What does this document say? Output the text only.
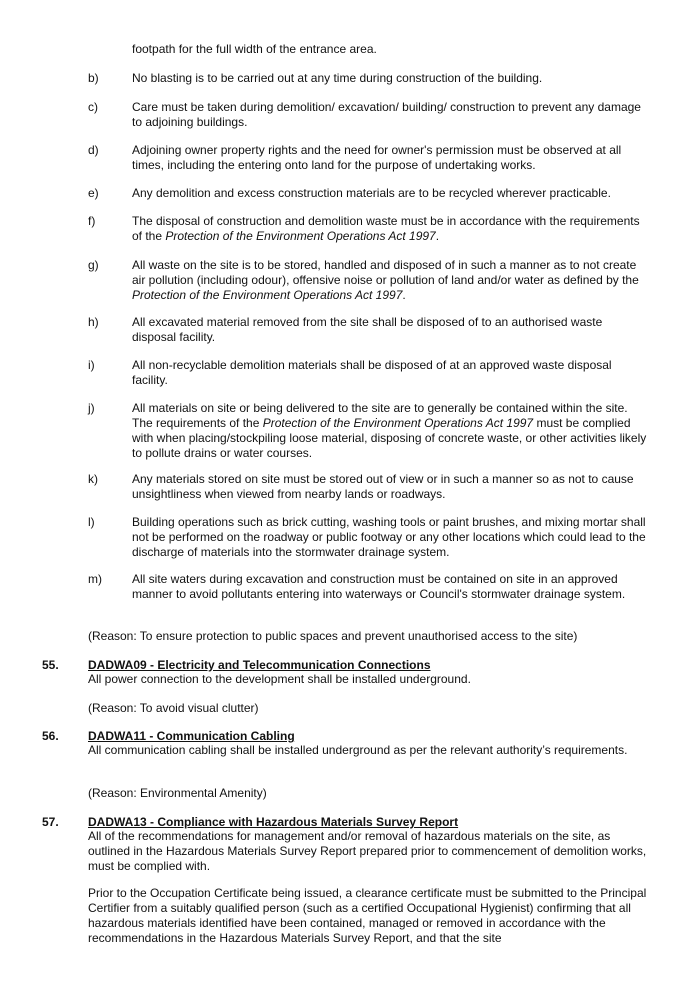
footpath for the full width of the entrance area.
b)	No blasting is to be carried out at any time during construction of the building.
c)	Care must be taken during demolition/ excavation/ building/ construction to prevent any damage to adjoining buildings.
d)	Adjoining owner property rights and the need for owner's permission must be observed at all times, including the entering onto land for the purpose of undertaking works.
e)	Any demolition and excess construction materials are to be recycled wherever practicable.
f)	The disposal of construction and demolition waste must be in accordance with the requirements of the Protection of the Environment Operations Act 1997.
g)	All waste on the site is to be stored, handled and disposed of in such a manner as to not create air pollution (including odour), offensive noise or pollution of land and/or water as defined by the Protection of the Environment Operations Act 1997.
h)	All excavated material removed from the site shall be disposed of to an authorised waste disposal facility.
i)	All non-recyclable demolition materials shall be disposed of at an approved waste disposal facility.
j)	All materials on site or being delivered to the site are to generally be contained within the site. The requirements of the Protection of the Environment Operations Act 1997 must be complied with when placing/stockpiling loose material, disposing of concrete waste, or other activities likely to pollute drains or water courses.
k)	Any materials stored on site must be stored out of view or in such a manner so as not to cause unsightliness when viewed from nearby lands or roadways.
l)	Building operations such as brick cutting, washing tools or paint brushes, and mixing mortar shall not be performed on the roadway or public footway or any other locations which could lead to the discharge of materials into the stormwater drainage system.
m)	All site waters during excavation and construction must be contained on site in an approved manner to avoid pollutants entering into waterways or Council's stormwater drainage system.
(Reason: To ensure protection to public spaces and prevent unauthorised access to the site)
55. DADWA09 - Electricity and Telecommunication Connections
All power connection to the development shall be installed underground.
(Reason: To avoid visual clutter)
56. DADWA11 - Communication Cabling
All communication cabling shall be installed underground as per the relevant authority’s requirements.
(Reason: Environmental Amenity)
57. DADWA13 - Compliance with Hazardous Materials Survey Report
All of the recommendations for management and/or removal of hazardous materials on the site, as outlined in the Hazardous Materials Survey Report prepared prior to commencement of demolition works, must be complied with.
Prior to the Occupation Certificate being issued, a clearance certificate must be submitted to the Principal Certifier from a suitably qualified person (such as a certified Occupational Hygienist) confirming that all hazardous materials identified have been contained, managed or removed in accordance with the recommendations in the Hazardous Materials Survey Report, and that the site
